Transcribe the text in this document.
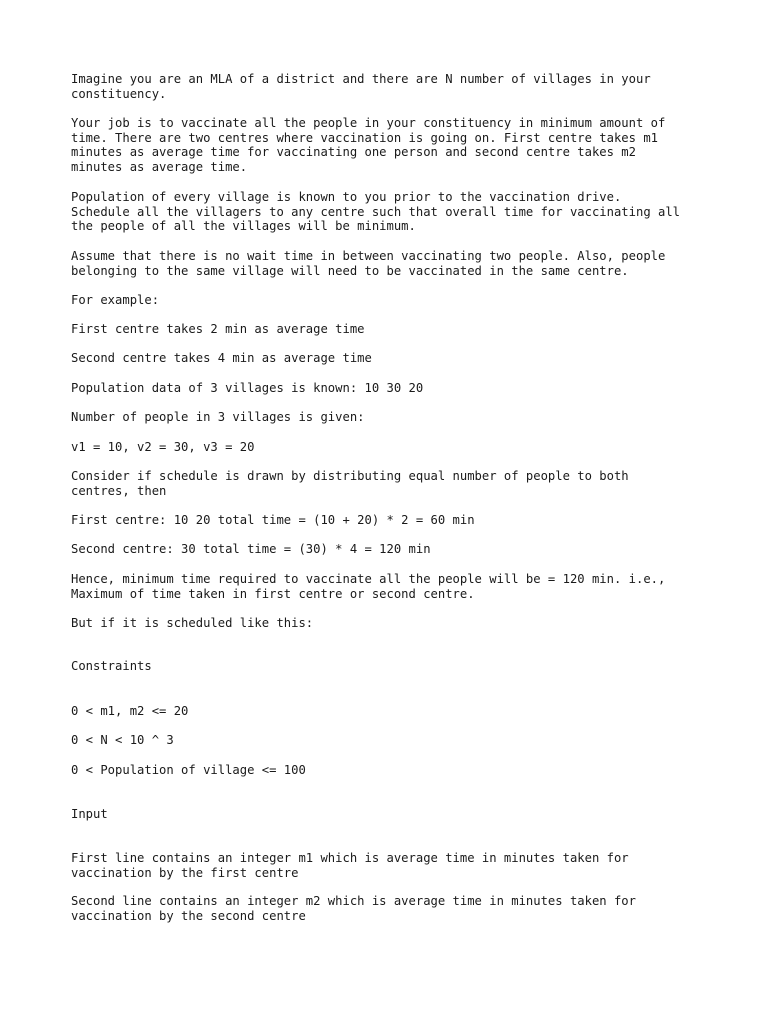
Imagine you are an MLA of a district and there are N number of villages in your
constituency.

Your job is to vaccinate all the people in your constituency in minimum amount of
time. There are two centres where vaccination is going on. First centre takes m1
minutes as average time for vaccinating one person and second centre takes m2
minutes as average time.

Population of every village is known to you prior to the vaccination drive.
Schedule all the villagers to any centre such that overall time for vaccinating all
the people of all the villages will be minimum.

Assume that there is no wait time in between vaccinating two people. Also, people
belonging to the same village will need to be vaccinated in the same centre.

For example:

First centre takes 2 min as average time

Second centre takes 4 min as average time

Population data of 3 villages is known: 10 30 20

Number of people in 3 villages is given:

v1 = 10, v2 = 30, v3 = 20

Consider if schedule is drawn by distributing equal number of people to both
centres, then

First centre: 10 20 total time = (10 + 20) * 2 = 60 min

Second centre: 30 total time = (30) * 4 = 120 min

Hence, minimum time required to vaccinate all the people will be = 120 min. i.e.,
Maximum of time taken in first centre or second centre.

But if it is scheduled like this:

Constraints

0 < m1, m2 <= 20

0 < N < 10 ^ 3

0 < Population of village <= 100

Input

First line contains an integer m1 which is average time in minutes taken for
vaccination by the first centre

Second line contains an integer m2 which is average time in minutes taken for
vaccination by the second centre
